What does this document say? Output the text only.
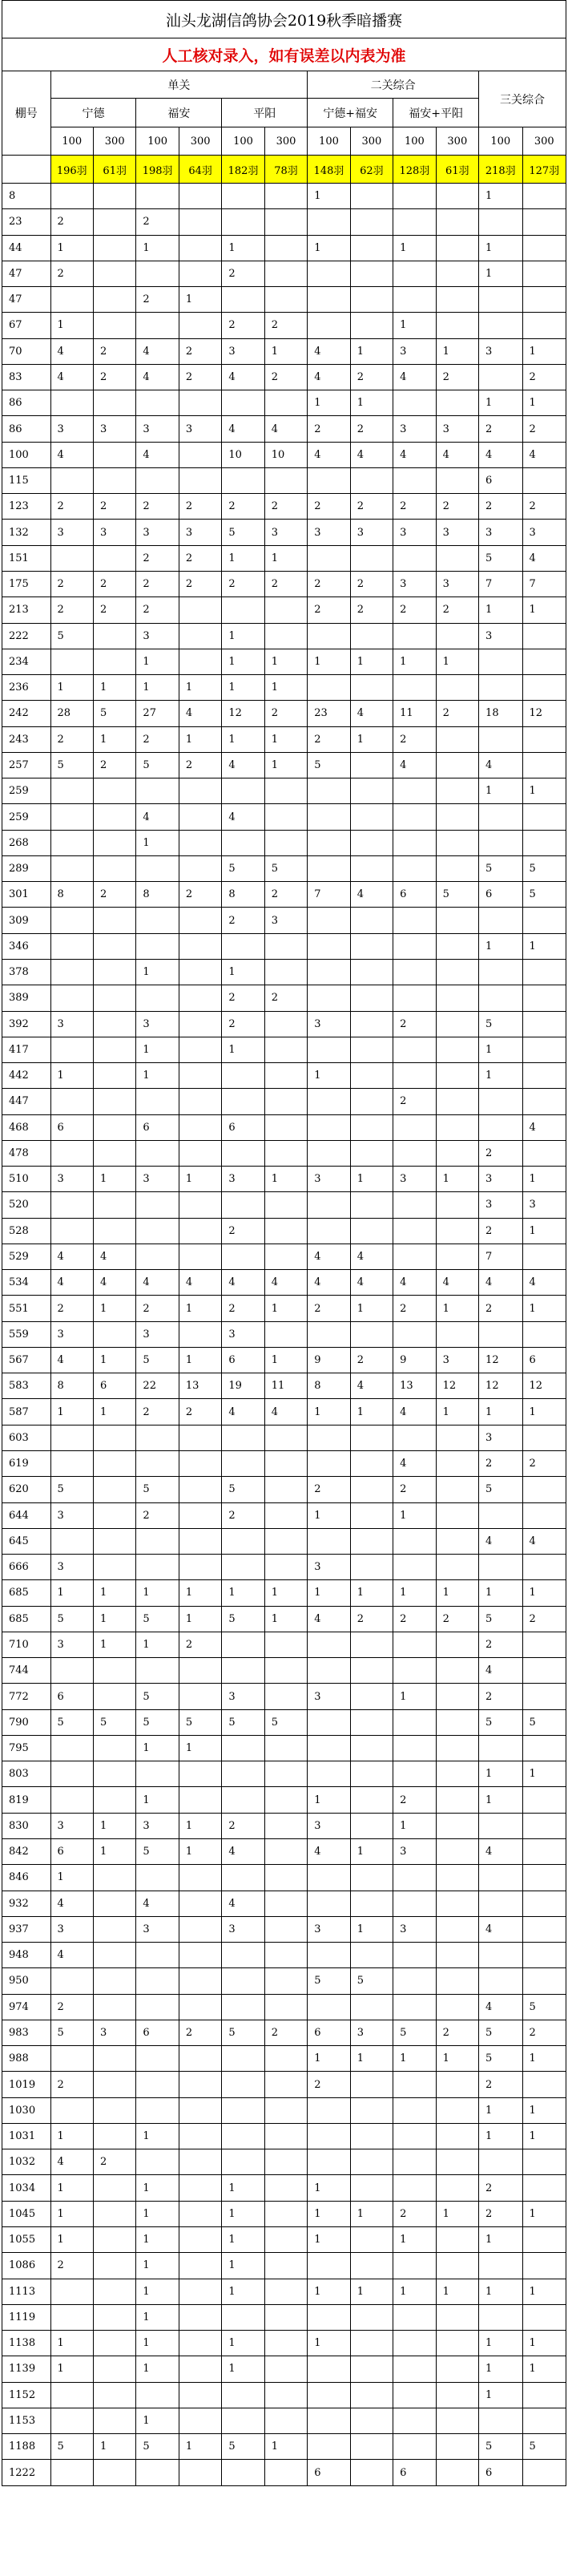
汕头龙湖信鸽协会2019秋季暗播赛												
人工核对录入，如有误差以内表为准												
棚号	单关						二关综合				三关综合	
	宁德		福安		平阳		宁德+福安		福安+平阳			
	100	300	100	300	100	300	100	300	100	300	100	300
	196羽	61羽	198羽	64羽	182羽	78羽	148羽	62羽	128羽	61羽	218羽	127羽
8							1				1	
23	2		2									
44	1		1		1		1		1		1	
47	2				2						1	
47			2	1								
67	1				2	2			1			
70	4	2	4	2	3	1	4	1	3	1	3	1
83	4	2	4	2	4	2	4	2	4	2		2
86							1	1			1	1
86	3	3	3	3	4	4	2	2	3	3	2	2
100	4		4		10	10	4	4	4	4	4	4
115											6	
123	2	2	2	2	2	2	2	2	2	2	2	2
132	3	3	3	3	5	3	3	3	3	3	3	3
151			2	2	1	1					5	4
175	2	2	2	2	2	2	2	2	3	3	7	7
213	2	2	2				2	2	2	2	1	1
222	5		3		1						3	
234			1		1	1	1	1	1	1		
236	1	1	1	1	1	1						
242	28	5	27	4	12	2	23	4	11	2	18	12
243	2	1	2	1	1	1	2	1	2			
257	5	2	5	2	4	1	5		4		4	
259											1	1
259			4		4							
268			1									
289					5	5					5	5
301	8	2	8	2	8	2	7	4	6	5	6	5
309					2	3						
346											1	1
378			1		1							
389					2	2						
392	3		3		2		3		2		5	
417			1		1						1	
442	1		1				1				1	
447									2			
468	6		6		6							4
478											2	
510	3	1	3	1	3	1	3	1	3	1	3	1
520											3	3
528					2						2	1
529	4	4					4	4			7	
534	4	4	4	4	4	4	4	4	4	4	4	4
551	2	1	2	1	2	1	2	1	2	1	2	1
559	3		3		3							
567	4	1	5	1	6	1	9	2	9	3	12	6
583	8	6	22	13	19	11	8	4	13	12	12	12
587	1	1	2	2	4	4	1	1	4	1	1	1
603											3	
619									4		2	2
620	5		5		5		2		2		5	
644	3		2		2		1		1			
645											4	4
666	3						3					
685	1	1	1	1	1	1	1	1	1	1	1	1
685	5	1	5	1	5	1	4	2	2	2	5	2
710	3	1	1	2							2	
744											4	
772	6		5		3		3		1		2	
790	5	5	5	5	5	5					5	5
795			1	1								
803											1	1
819			1				1		2		1	
830	3	1	3	1	2		3		1			
842	6	1	5	1	4		4	1	3		4	
846	1											
932	4		4		4							
937	3		3		3		3	1	3		4	
948	4											
950							5	5				
974	2										4	5
983	5	3	6	2	5	2	6	3	5	2	5	2
988							1	1	1	1	5	1
1019	2						2				2	
1030											1	1
1031	1		1								1	1
1032	4	2										
1034	1		1		1		1				2	
1045	1		1		1		1	1	2	1	2	1
1055	1		1		1		1		1		1	
1086	2		1		1							
1113			1		1		1	1	1	1	1	1
1119			1									
1138	1		1		1		1				1	1
1139	1		1		1						1	1
1152											1	
1153			1									
1188	5	1	5	1	5	1					5	5
1222							6		6		6	
